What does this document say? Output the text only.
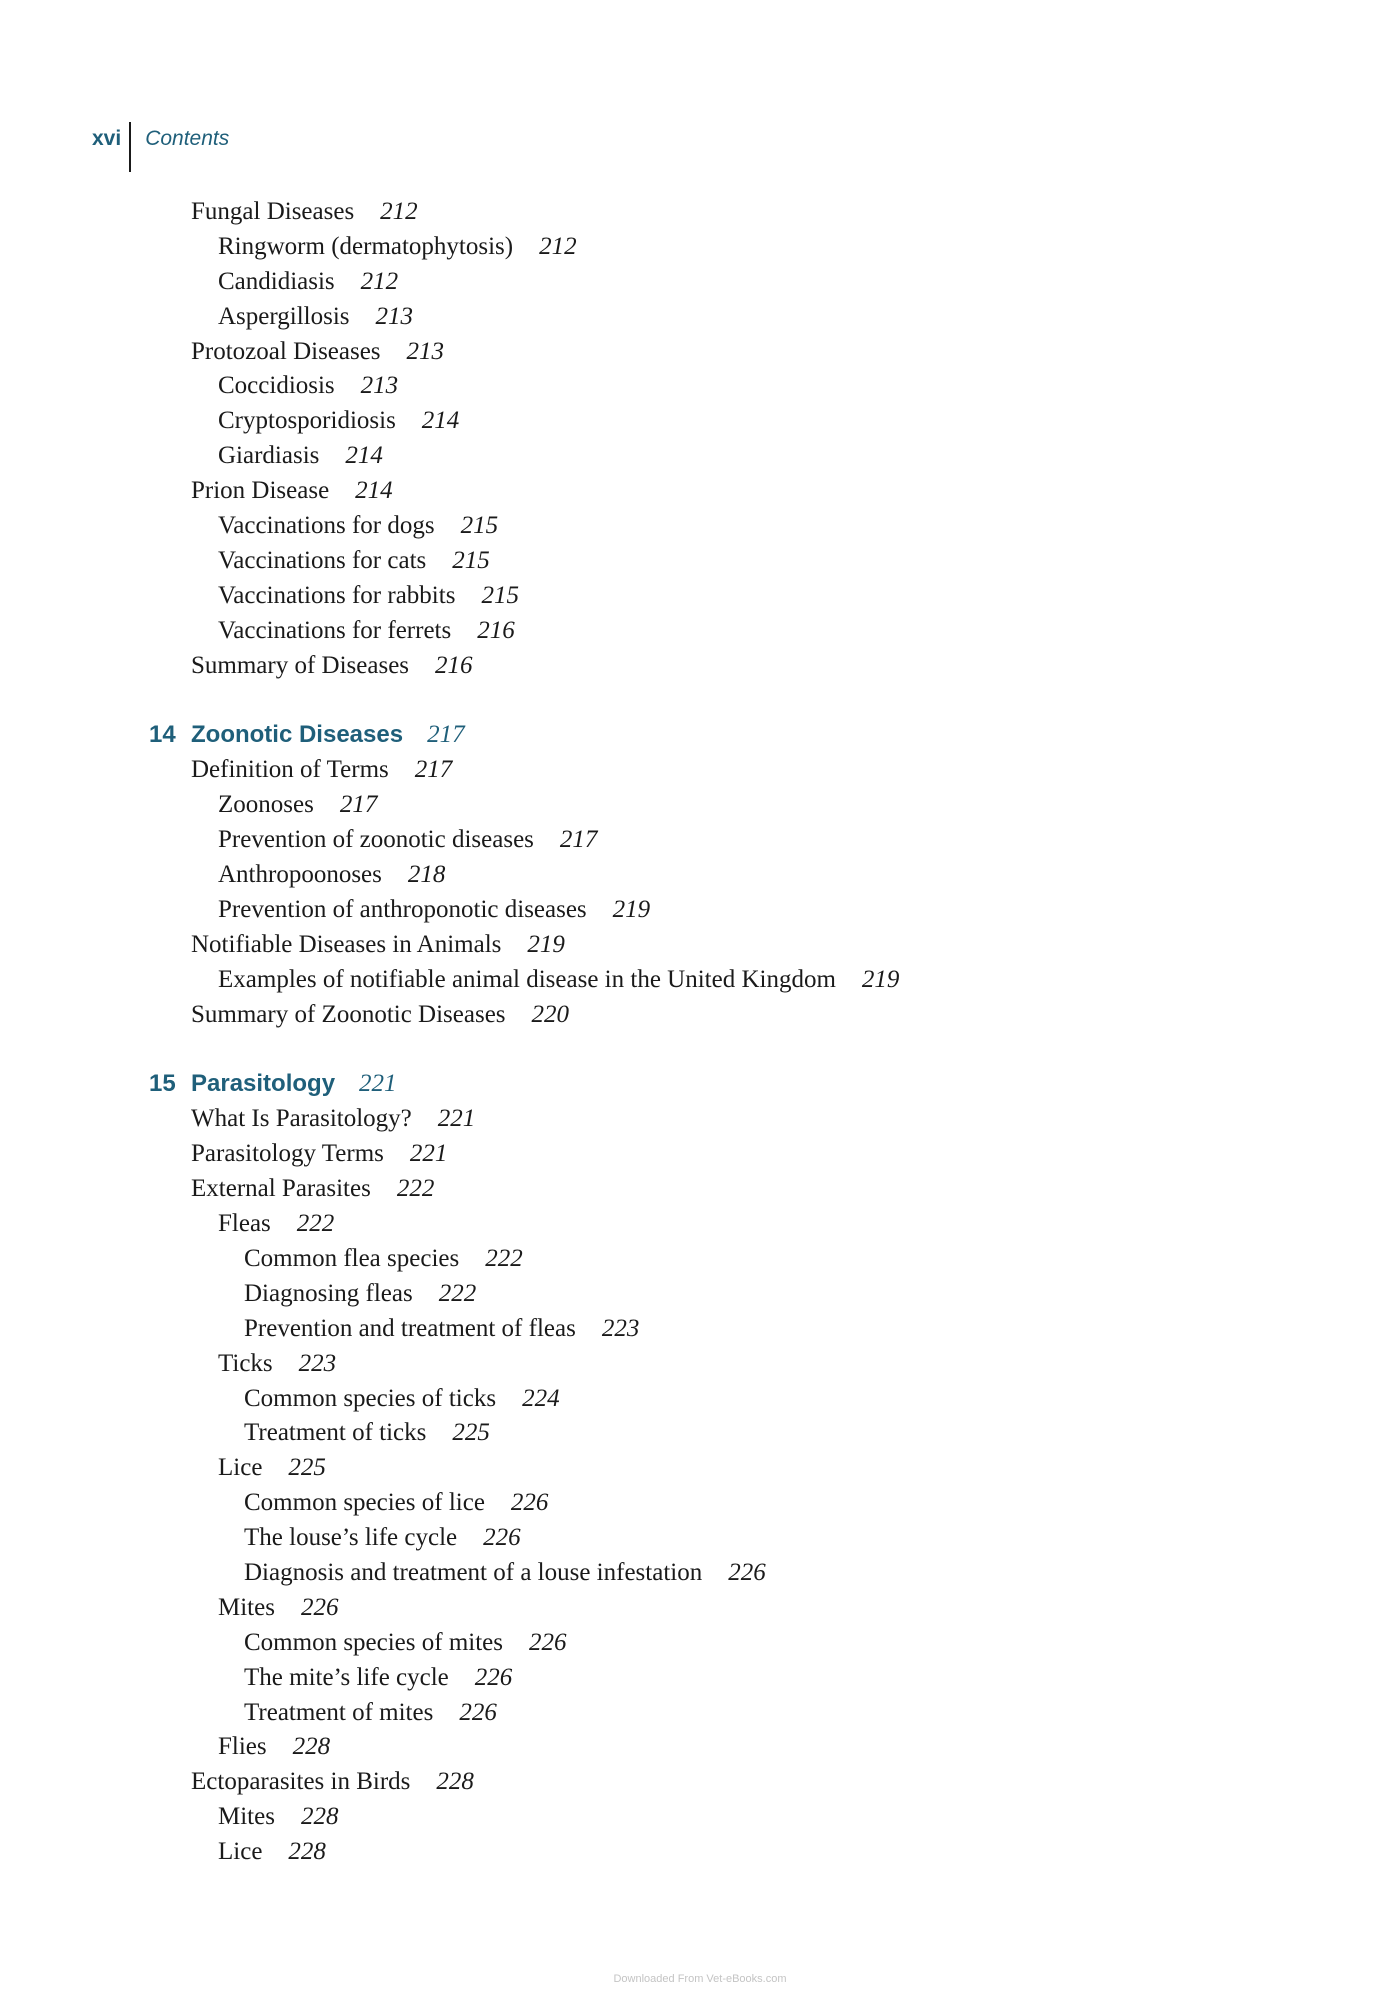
xvi Contents
Fungal Diseases 212
Ringworm (dermatophytosis) 212
Candidiasis 212
Aspergillosis 213
Protozoal Diseases 213
Coccidiosis 213
Cryptosporidiosis 214
Giardiasis 214
Prion Disease 214
Vaccinations for dogs 215
Vaccinations for cats 215
Vaccinations for rabbits 215
Vaccinations for ferrets 216
Summary of Diseases 216
14 Zoonotic Diseases 217
Definition of Terms 217
Zoonoses 217
Prevention of zoonotic diseases 217
Anthropoonoses 218
Prevention of anthroponotic diseases 219
Notifiable Diseases in Animals 219
Examples of notifiable animal disease in the United Kingdom 219
Summary of Zoonotic Diseases 220
15 Parasitology 221
What Is Parasitology? 221
Parasitology Terms 221
External Parasites 222
Fleas 222
Common flea species 222
Diagnosing fleas 222
Prevention and treatment of fleas 223
Ticks 223
Common species of ticks 224
Treatment of ticks 225
Lice 225
Common species of lice 226
The louse’s life cycle 226
Diagnosis and treatment of a louse infestation 226
Mites 226
Common species of mites 226
The mite’s life cycle 226
Treatment of mites 226
Flies 228
Ectoparasites in Birds 228
Mites 228
Lice 228
Downloaded From Vet-eBooks.com
